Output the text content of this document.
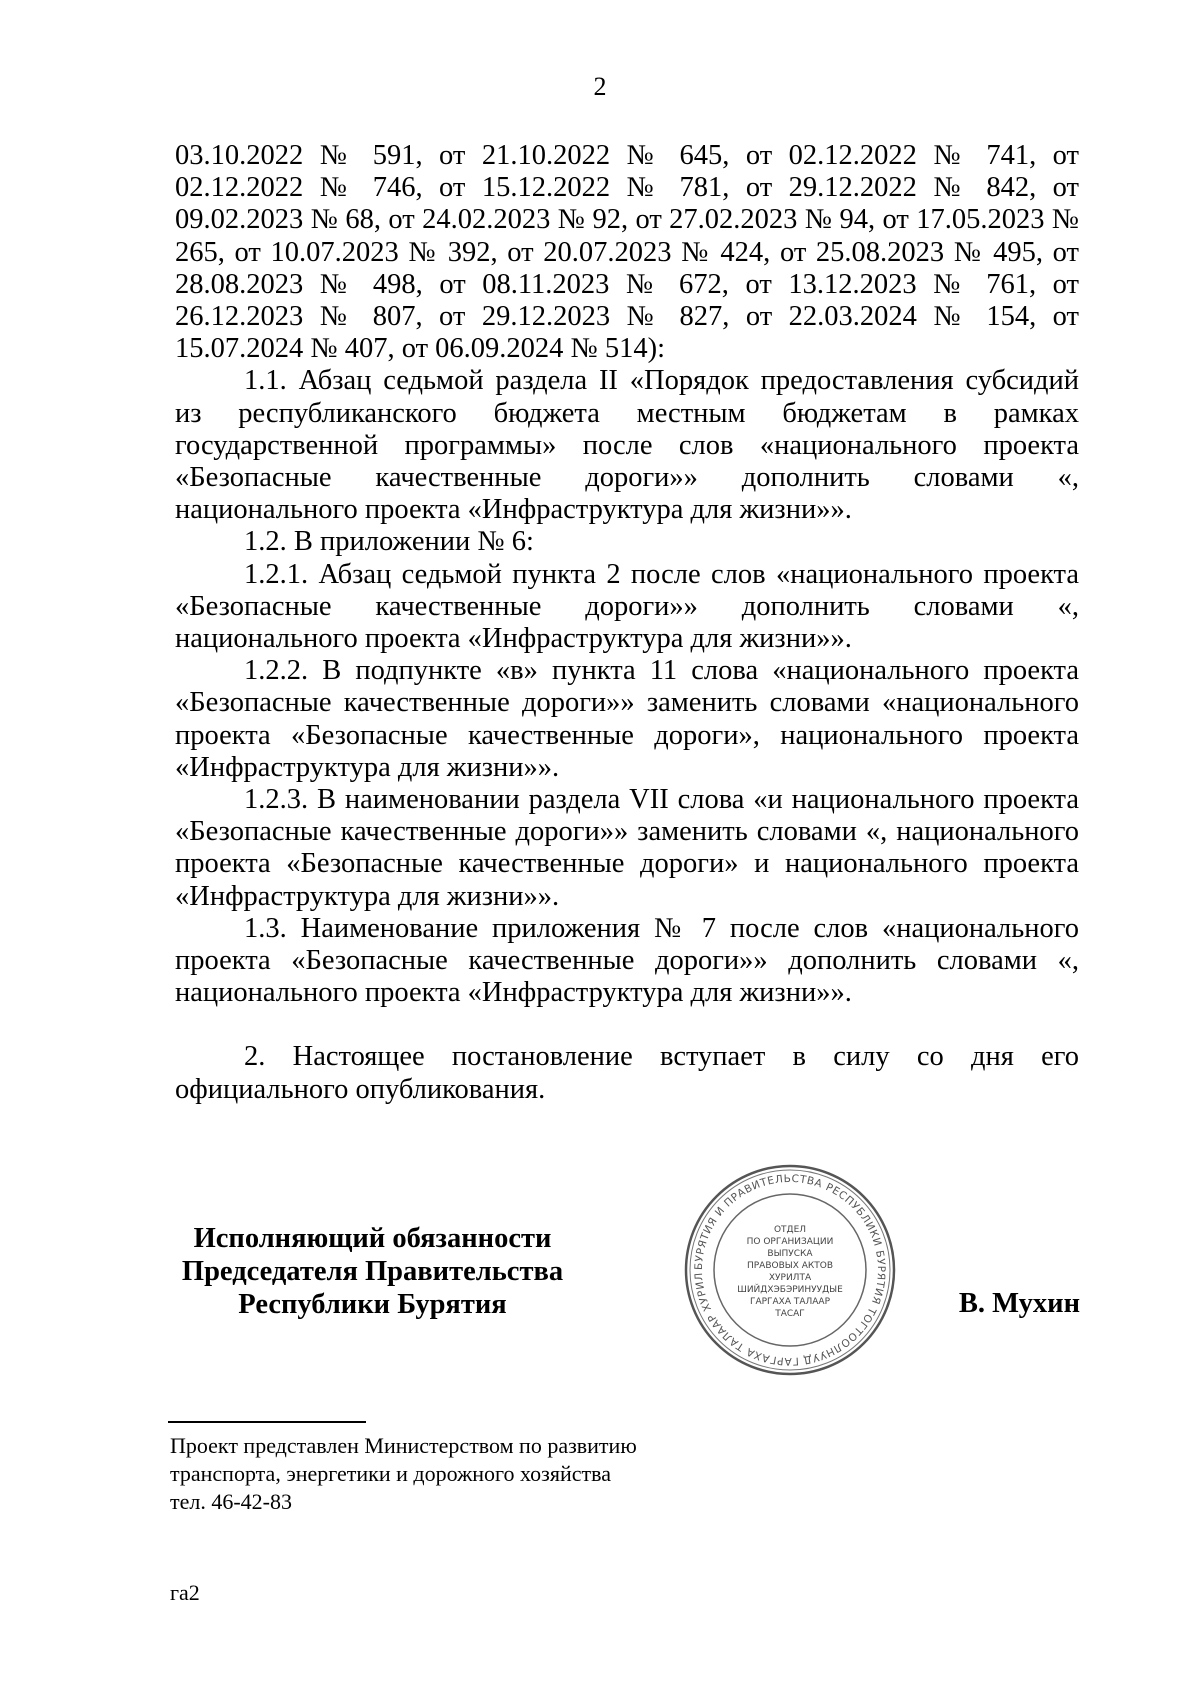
2

03.10.2022 № 591, от 21.10.2022 № 645, от 02.12.2022 № 741, от 02.12.2022 № 746, от 15.12.2022 № 781, от 29.12.2022 № 842, от 09.02.2023 № 68, от 24.02.2023 № 92, от 27.02.2023 № 94, от 17.05.2023 № 265, от 10.07.2023 № 392, от 20.07.2023 № 424, от 25.08.2023 № 495, от 28.08.2023 № 498, от 08.11.2023 № 672, от 13.12.2023 № 761, от 26.12.2023 № 807, от 29.12.2023 № 827, от 22.03.2024 № 154, от 15.07.2024 № 407, от 06.09.2024 № 514):

1.1. Абзац седьмой раздела II «Порядок предоставления субсидий из республиканского бюджета местным бюджетам в рамках государственной программы» после слов «национального проекта «Безопасные качественные дороги»» дополнить словами «, национального проекта «Инфраструктура для жизни»».

1.2. В приложении № 6:

1.2.1. Абзац седьмой пункта 2 после слов «национального проекта «Безопасные качественные дороги»» дополнить словами «, национального проекта «Инфраструктура для жизни»».

1.2.2. В подпункте «в» пункта 11 слова «национального проекта «Безопасные качественные дороги»» заменить словами «национального проекта «Безопасные качественные дороги», национального проекта «Инфраструктура для жизни»».

1.2.3. В наименовании раздела VII слова «и национального проекта «Безопасные качественные дороги»» заменить словами «, национального проекта «Безопасные качественные дороги» и национального проекта «Инфраструктура для жизни»».

1.3. Наименование приложения № 7 после слов «национального проекта «Безопасные качественные дороги»» дополнить словами «, национального проекта «Инфраструктура для жизни»».

2. Настоящее постановление вступает в силу со дня его официального опубликования.

Исполняющий обязанности
Председателя Правительства
Республики Бурятия
БУРЯТИЯ И ПРАВИТЕЛЬСТВА РЕСПУБЛИКИ БУРЯТИЯ ТОГТООЛНУУД ГАРГАХА ТАЛААР ХУРИЛ
ОТДЕЛ
ПО ОРГАНИЗАЦИИ
ВЫПУСКА
ПРАВОВЫХ АКТОВ
ХУРИЛТА
ШИЙДХЭБЭРИНУУДЫЕ
ГАРГАХА ТАЛААР
ТАСАГ	В. Мухин
Проект представлен Министерством по развитию
транспорта, энергетики и дорожного хозяйства
тел. 46-42-83
га2
